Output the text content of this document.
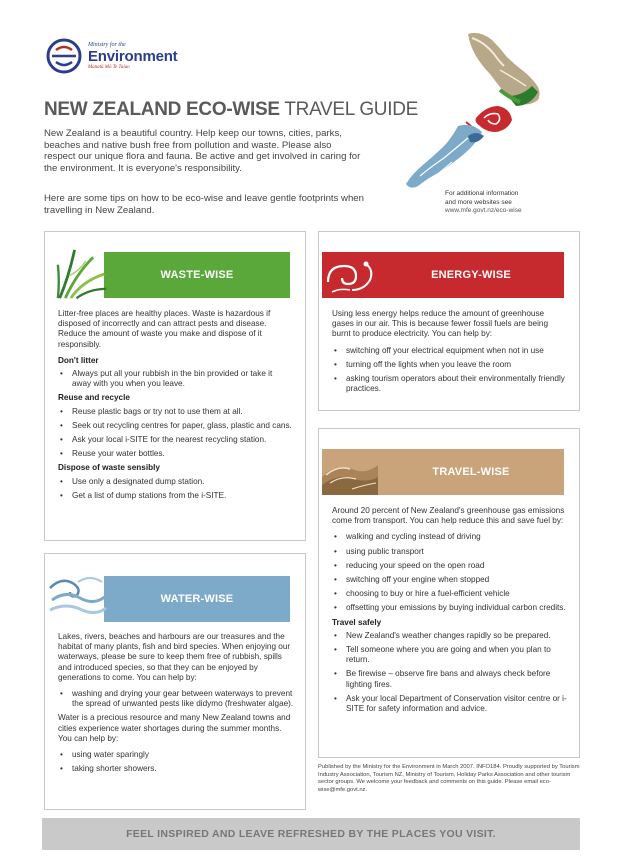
Ministry for the
Environment
Manatū Mō Te Taiao
For additional information
and more websites see
www.mfe.govt.nz/eco-wise
NEW ZEALAND ECO-WISE TRAVEL GUIDE

New Zealand is a beautiful country. Help keep our towns, cities, parks, beaches and native bush free from pollution and waste. Please also respect our unique flora and fauna. Be active and get involved in caring for the environment. It is everyone's responsibility.

Here are some tips on how to be eco-wise and leave gentle footprints when travelling in New Zealand.

WASTE-WISE

Litter-free places are healthy places. Waste is hazardous if disposed of incorrectly and can attract pests and disease. Reduce the amount of waste you make and dispose of it responsibly.

Don't litter
• Always put all your rubbish in the bin provided or take it away with you when you leave.
Reuse and recycle
• Reuse plastic bags or try not to use them at all.
• Seek out recycling centres for paper, glass, plastic and cans.
• Ask your local i-SITE for the nearest recycling station.
• Reuse your water bottles.
Dispose of waste sensibly
• Use only a designated dump station.
• Get a list of dump stations from the i-SITE.
ENERGY-WISE

Using less energy helps reduce the amount of greenhouse gases in our air. This is because fewer fossil fuels are being burnt to produce electricity. You can help by:

• switching off your electrical equipment when not in use
• turning off the lights when you leave the room
• asking tourism operators about their environmentally friendly practices.
TRAVEL-WISE

Around 20 percent of New Zealand's greenhouse gas emissions come from transport. You can help reduce this and save fuel by:

• walking and cycling instead of driving
• using public transport
• reducing your speed on the open road
• switching off your engine when stopped
• choosing to buy or hire a fuel-efficient vehicle
• offsetting your emissions by buying individual carbon credits.
Travel safely
• New Zealand's weather changes rapidly so be prepared.
• Tell someone where you are going and when you plan to return.
• Be firewise – observe fire bans and always check before lighting fires.
• Ask your local Department of Conservation visitor centre or i-SITE for safety information and advice.
WATER-WISE

Lakes, rivers, beaches and harbours are our treasures and the habitat of many plants, fish and bird species. When enjoying our waterways, please be sure to keep them free of rubbish, spills and introduced species, so that they can be enjoyed by generations to come. You can help by:

• washing and drying your gear between waterways to prevent the spread of unwanted pests like didymo (freshwater algae).

Water is a precious resource and many New Zealand towns and cities experience water shortages during the summer months. You can help by:

• using water sparingly
• taking shorter showers.	Published by the Ministry for the Environment in March 2007. INFO184. Proudly supported by Tourism Industry Association, Tourism NZ, Ministry of Tourism, Holiday Parks Association and other tourism sector groups. We welcome your feedback and comments on this guide. Please email eco-wise@mfe.govt.nz.
FEEL INSPIRED AND LEAVE REFRESHED BY THE PLACES YOU VISIT.
